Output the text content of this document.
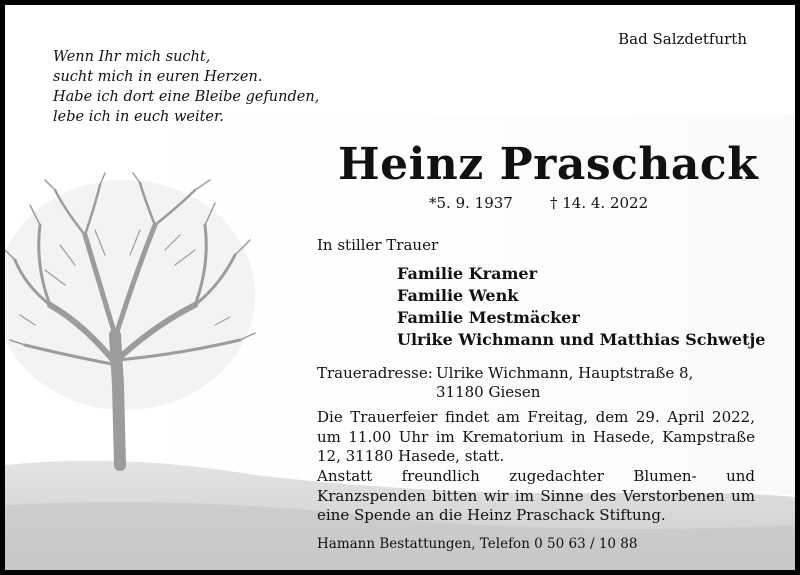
Bad Salzdetfurth
Wenn Ihr mich sucht,
sucht mich in euren Herzen.
Habe ich dort eine Bleibe gefunden,
lebe ich in euch weiter.
Heinz Praschack
*5. 9. 1937 † 14. 4. 2022
In stiller Trauer
Familie Kramer
Familie Wenk
Familie Mestmäcker
Ulrike Wichmann und Matthias Schwetje
Traueradresse: Ulrike Wichmann, Hauptstraße 8,
31180 Giesen
Die Trauerfeier findet am Freitag, dem 29. April 2022, um 11.00 Uhr im Krematorium in Hasede, Kampstraße 12, 31180 Hasede, statt.
Anstatt freundlich zugedachter Blumen- und Kranzspenden bitten wir im Sinne des Verstorbenen um eine Spende an die Heinz Praschack Stiftung.
Hamann Bestattungen, Telefon 0 50 63 / 10 88
